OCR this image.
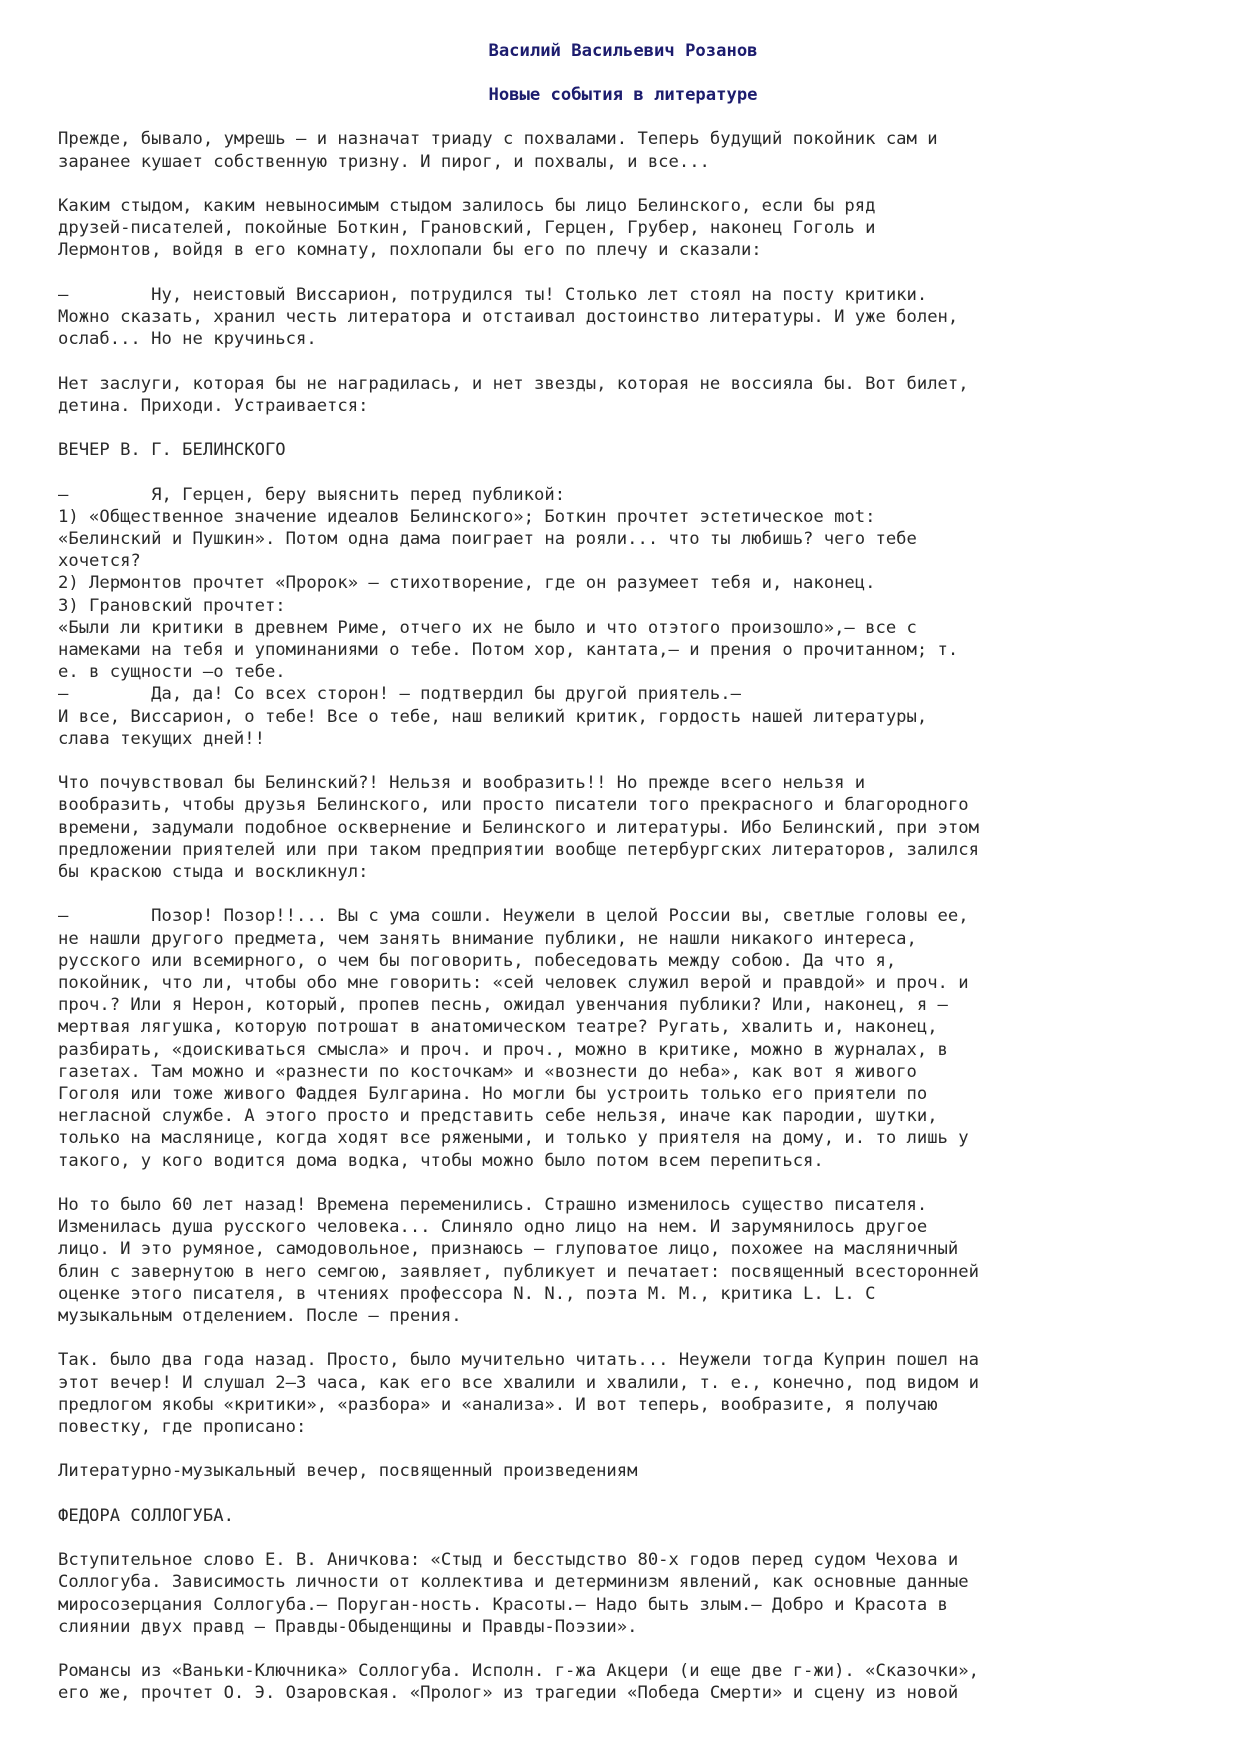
Василий Васильевич Розанов
Новые события в литературе
Прежде, бывало, умрешь — и назначат триаду с похвалами. Теперь будущий покойник сам и
заранее кушает собственную тризну. И пирог, и похвалы, и все...
Каким стыдом, каким невыносимым стыдом залилось бы лицо Белинского, если бы ряд
друзей-писателей, покойные Боткин, Грановский, Герцен, Грубер, наконец Гоголь и
Лермонтов, войдя в его комнату, похлопали бы его по плечу и сказали:
—        Ну, неистовый Виссарион, потрудился ты! Столько лет стоял на посту критики.
Можно сказать, хранил честь литератора и отстаивал достоинство литературы. И уже болен,
ослаб... Но не кручинься.
Нет заслуги, которая бы не наградилась, и нет звезды, которая не воссияла бы. Вот билет,
детина. Приходи. Устраивается:
ВЕЧЕР В. Г. БЕЛИНСКОГО
—        Я, Герцен, беру выяснить перед публикой:
1) «Общественное значение идеалов Белинского»; Боткин прочтет эстетическое mot:
«Белинский и Пушкин». Потом одна дама поиграет на рояли... что ты любишь? чего тебе
хочется?
2) Лермонтов прочтет «Пророк» — стихотворение, где он разумеет тебя и, наконец.
3) Грановский прочтет:
«Были ли критики в древнем Риме, отчего их не было и что отэтого произошло»,— все с
намеками на тебя и упоминаниями о тебе. Потом хор, кантата,— и прения о прочитанном; т.
е. в сущности —о тебе.
—        Да, да! Со всех сторон! — подтвердил бы другой приятель.—
И все, Виссарион, о тебе! Все о тебе, наш великий критик, гордость нашей литературы,
слава текущих дней!!
Что почувствовал бы Белинский?! Нельзя и вообразить!! Но прежде всего нельзя и
вообразить, чтобы друзья Белинского, или просто писатели того прекрасного и благородного
времени, задумали подобное осквернение и Белинского и литературы. Ибо Белинский, при этом
предложении приятелей или при таком предприятии вообще петербургских литераторов, залился
бы краскою стыда и воскликнул:
—        Позор! Позор!!... Вы с ума сошли. Неужели в целой России вы, светлые головы ее,
не нашли другого предмета, чем занять внимание публики, не нашли никакого интереса,
русского или всемирного, о чем бы поговорить, побеседовать между собою. Да что я,
покойник, что ли, чтобы обо мне говорить: «сей человек служил верой и правдой» и проч. и
проч.? Или я Нерон, который, пропев песнь, ожидал увенчания публики? Или, наконец, я —
мертвая лягушка, которую потрошат в анатомическом театре? Ругать, хвалить и, наконец,
разбирать, «доискиваться смысла» и проч. и проч., можно в критике, можно в журналах, в
газетах. Там можно и «разнести по косточкам» и «вознести до неба», как вот я живого
Гоголя или тоже живого Фаддея Булгарина. Но могли бы устроить только его приятели по
негласной службе. А этого просто и представить себе нельзя, иначе как пародии, шутки,
только на маслянице, когда ходят все ряжеными, и только у приятеля на дому, и. то лишь у
такого, у кого водится дома водка, чтобы можно было потом всем перепиться.
Но то было 60 лет назад! Времена переменились. Страшно изменилось существо писателя.
Изменилась душа русского человека... Слиняло одно лицо на нем. И зарумянилось другое
лицо. И это румяное, самодовольное, признаюсь — глуповатое лицо, похожее на масляничный
блин с завернутою в него семгою, заявляет, публикует и печатает: посвященный всесторонней
оценке этого писателя, в чтениях профессора N. N., поэта M. M., критика L. L. С
музыкальным отделением. После — прения.
Так. было два года назад. Просто, было мучительно читать... Неужели тогда Куприн пошел на
этот вечер! И слушал 2—3 часа, как его все хвалили и хвалили, т. е., конечно, под видом и
предлогом якобы «критики», «разбора» и «анализа». И вот теперь, вообразите, я получаю
повестку, где прописано:
Литературно-музыкальный вечер, посвященный произведениям
ФЕДОРА СОЛЛОГУБА.
Вступительное слово Е. В. Аничкова: «Стыд и бесстыдство 80-х годов перед судом Чехова и
Соллогуба. Зависимость личности от коллектива и детерминизм явлений, как основные данные
миросозерцания Соллогуба.— Поруган-ность. Красоты.— Надо быть злым.— Добро и Красота в
слиянии двух правд — Правды-Обыденщины и Правды-Поэзии».
Романсы из «Ваньки-Ключника» Соллогуба. Исполн. г-жа Акцери (и еще две г-жи). «Сказочки»,
его же, прочтет О. Э. Озаровская. «Пролог» из трагедии «Победа Смерти» и сцену из новой
